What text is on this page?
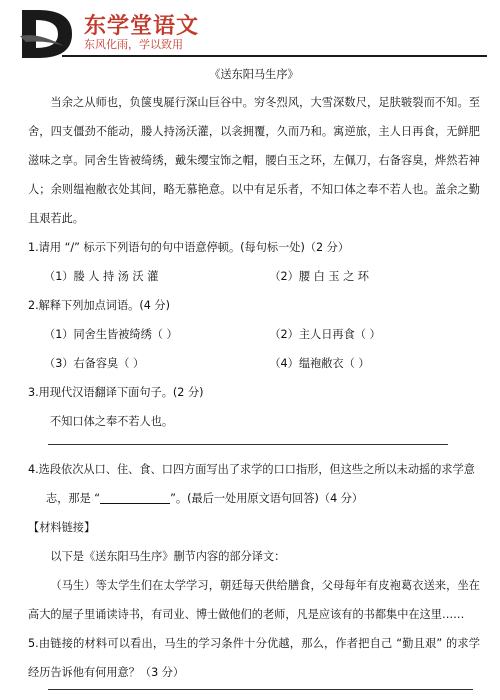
东学堂语文
东风化雨，学以致用

《送东阳马生序》

当余之从师也，负箧曳屣行深山巨谷中。穷冬烈风，大雪深数尺，足肤皲裂而不知。至舍，四支僵劲不能动，媵人持汤沃灌，以衾拥覆，久而乃和。寓逆旅，主人日再食，无鲜肥滋味之享。同舍生皆被绮绣，戴朱缨宝饰之帽，腰白玉之环，左佩刀，右备容臭，烨然若神人；余则缊袍敝衣处其间，略无慕艳意。以中有足乐者，不知口体之奉不若人也。盖余之勤且艰若此。

1.请用 “/” 标示下列语句的句中语意停顿。(每句标一处)（2 分）

（1）媵 人 持 汤 沃 灌	（2）腰 白 玉 之 环

2.解释下列加点词语。(4 分)

（1）同舍生皆被绮绣（ ）	（2）主人日再食（ ）
（3）右备容臭（ ）	（4）缊袍敝衣（ ）

3.用现代汉语翻译下面句子。(2 分)

不知口体之奉不若人也。

4.选段依次从口、住、食、口四方面写出了求学的口口指形，但这些之所以未动摇的求学意
志，那是 “	”。(最后一处用原文语句回答)（4 分）

【材料链接】

以下是《送东阳马生序》删节内容的部分译文：

（马生）等太学生们在太学学习，朝廷每天供给膳食，父母每年有皮袍葛衣送来，坐在高大的屋子里诵读诗书，有司业、博士做他们的老师，凡是应该有的书都集中在这里……

5.由链接的材料可以看出，马生的学习条件十分优越，那么，作者把自己 “勤且艰” 的求学经历告诉他有何用意？（3 分）
